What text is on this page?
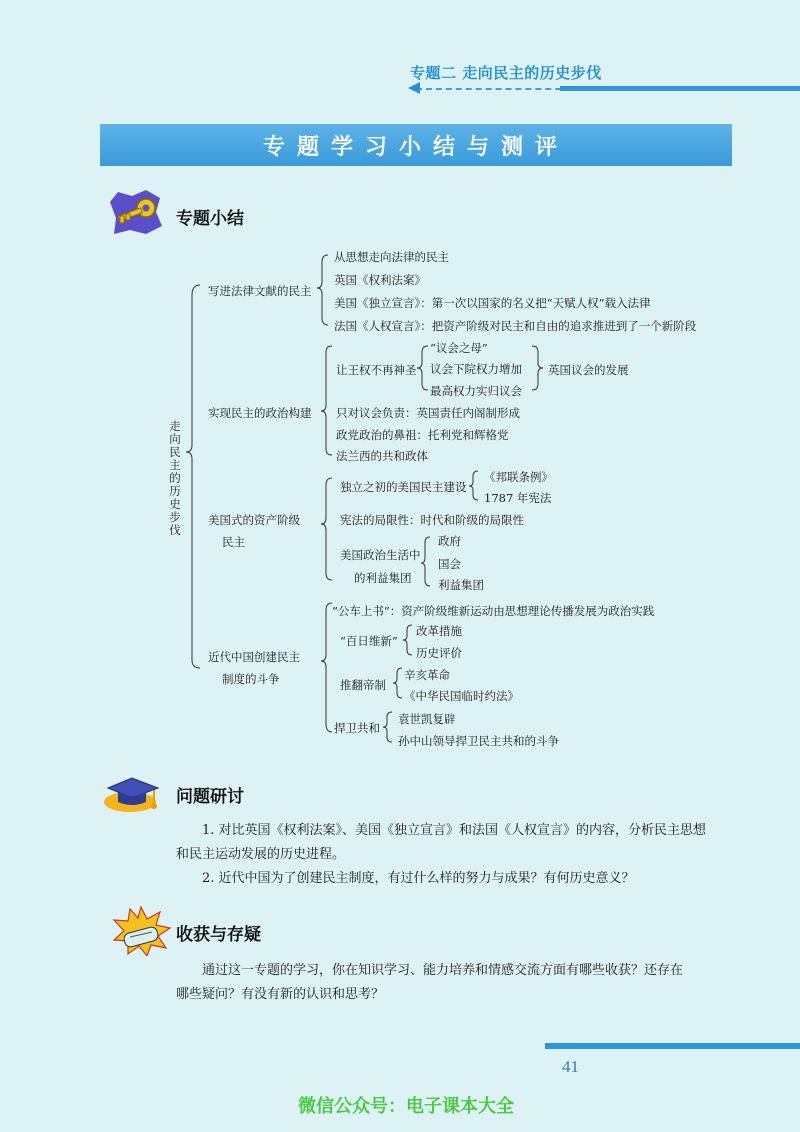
专题二 走向民主的历史步伐
专题学习小结与测评
专题小结
走向民主的历史步伐
写进法律文献的民主
从思想走向法律的民主
英国《权利法案》
美国《独立宣言》：第一次以国家的名义把“天赋人权”载入法律
法国《人权宣言》：把资产阶级对民主和自由的追求推进到了一个新阶段
实现民主的政治构建
让王权不再神圣
“议会之母”
议会下院权力增加
最高权力实归议会
英国议会的发展
只对议会负责：英国责任内阁制形成
政党政治的鼻祖：托利党和辉格党
法兰西的共和政体
美国式的资产阶级
民主
独立之初的美国民主建设
《邦联条例》
1787 年宪法
宪法的局限性：时代和阶级的局限性
美国政治生活中
的利益集团
政府
国会
利益集团
近代中国创建民主
制度的斗争
“公车上书”：资产阶级维新运动由思想理论传播发展为政治实践
“百日维新”
改革措施
历史评价
推翻帝制
辛亥革命
《中华民国临时约法》
捍卫共和
袁世凯复辟
孙中山领导捍卫民主共和的斗争
问题研讨
1. 对比英国《权利法案》、美国《独立宣言》和法国《人权宣言》的内容，分析民主思想
和民主运动发展的历史进程。
2. 近代中国为了创建民主制度，有过什么样的努力与成果？有何历史意义？
收获与存疑
通过这一专题的学习，你在知识学习、能力培养和情感交流方面有哪些收获？还存在
哪些疑问？有没有新的认识和思考？
41
微信公众号：电子课本大全
